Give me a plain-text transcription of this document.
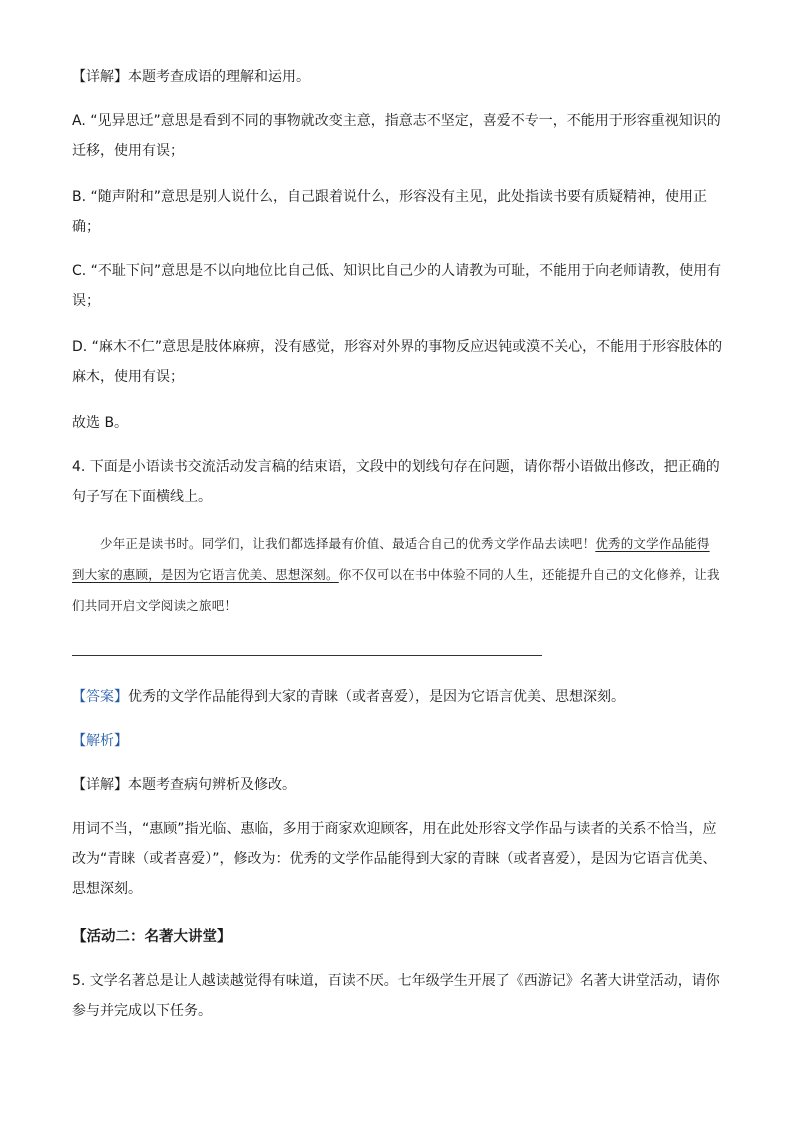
【详解】本题考查成语的理解和运用。

A. “见异思迁”意思是看到不同的事物就改变主意，指意志不坚定，喜爱不专一，不能用于形容重视知识的迁移，使用有误；

B. “随声附和”意思是别人说什么，自己跟着说什么，形容没有主见，此处指读书要有质疑精神，使用正确；

C. “不耻下问”意思是不以向地位比自己低、知识比自己少的人请教为可耻，不能用于向老师请教，使用有误；

D. “麻木不仁”意思是肢体麻痹，没有感觉，形容对外界的事物反应迟钝或漠不关心，不能用于形容肢体的麻木，使用有误；

故选 B。

4. 下面是小语读书交流活动发言稿的结束语，文段中的划线句存在问题，请你帮小语做出修改，把正确的句子写在下面横线上。

少年正是读书时。同学们，让我们都选择最有价值、最适合自己的优秀文学作品去读吧！优秀的文学作品能得到大家的惠顾，是因为它语言优美、思想深刻。你不仅可以在书中体验不同的人生，还能提升自己的文化修养，让我们共同开启文学阅读之旅吧！

【答案】优秀的文学作品能得到大家的青睐（或者喜爱），是因为它语言优美、思想深刻。

【解析】

【详解】本题考查病句辨析及修改。

用词不当，“惠顾”指光临、惠临，多用于商家欢迎顾客，用在此处形容文学作品与读者的关系不恰当，应改为“青睐（或者喜爱）”，修改为：优秀的文学作品能得到大家的青睐（或者喜爱），是因为它语言优美、思想深刻。

【活动二：名著大讲堂】

5. 文学名著总是让人越读越觉得有味道，百读不厌。七年级学生开展了《西游记》名著大讲堂活动，请你参与并完成以下任务。
